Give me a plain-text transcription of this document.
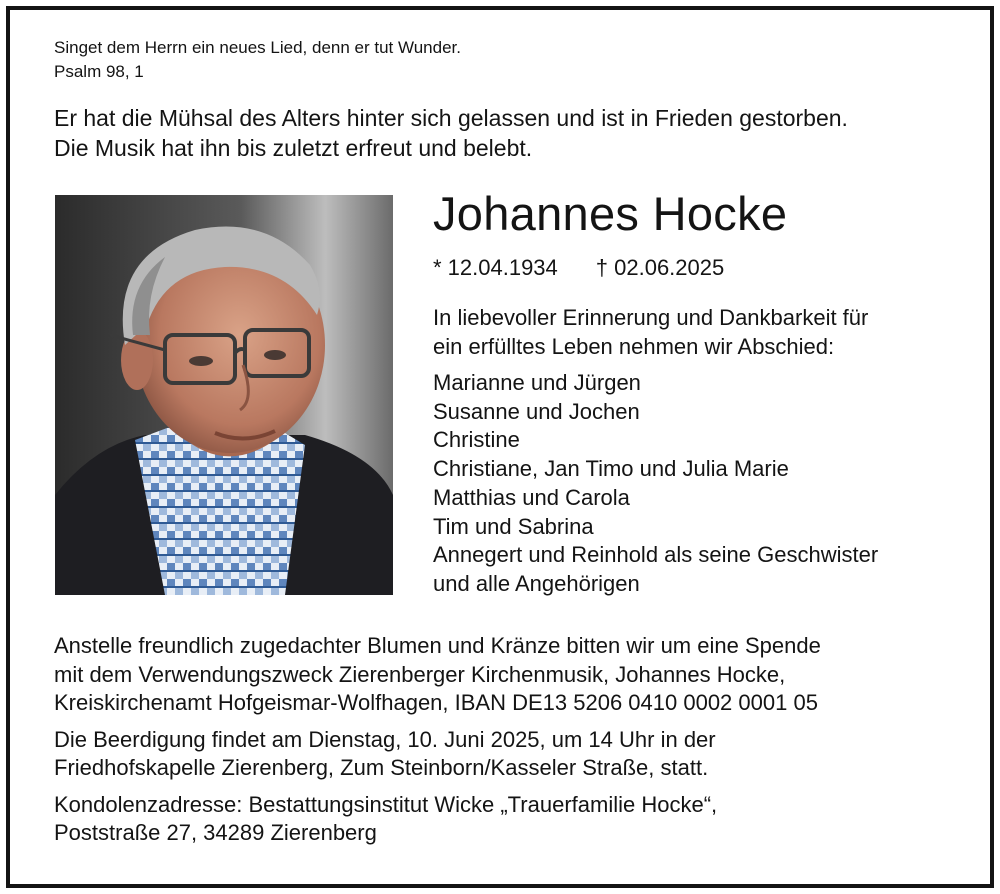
Singet dem Herrn ein neues Lied, denn er tut Wunder.
Psalm 98, 1
Er hat die Mühsal des Alters hinter sich gelassen und ist in Frieden gestorben.
Die Musik hat ihn bis zuletzt erfreut und belebt.
Johannes Hocke
* 12.04.1934 † 02.06.2025
In liebevoller Erinnerung und Dankbarkeit für
ein erfülltes Leben nehmen wir Abschied:
Marianne und Jürgen
Susanne und Jochen
Christine
Christiane, Jan Timo und Julia Marie
Matthias und Carola
Tim und Sabrina
Annegert und Reinhold als seine Geschwister
und alle Angehörigen

Anstelle freundlich zugedachter Blumen und Kränze bitten wir um eine Spende
mit dem Verwendungszweck Zierenberger Kirchenmusik, Johannes Hocke,
Kreiskirchenamt Hofgeismar-Wolfhagen, IBAN DE13 5206 0410 0002 0001 05

Die Beerdigung findet am Dienstag, 10. Juni 2025, um 14 Uhr in der
Friedhofskapelle Zierenberg, Zum Steinborn/Kasseler Straße, statt.

Kondolenzadresse: Bestattungsinstitut Wicke „Trauerfamilie Hocke“,
Poststraße 27, 34289 Zierenberg
